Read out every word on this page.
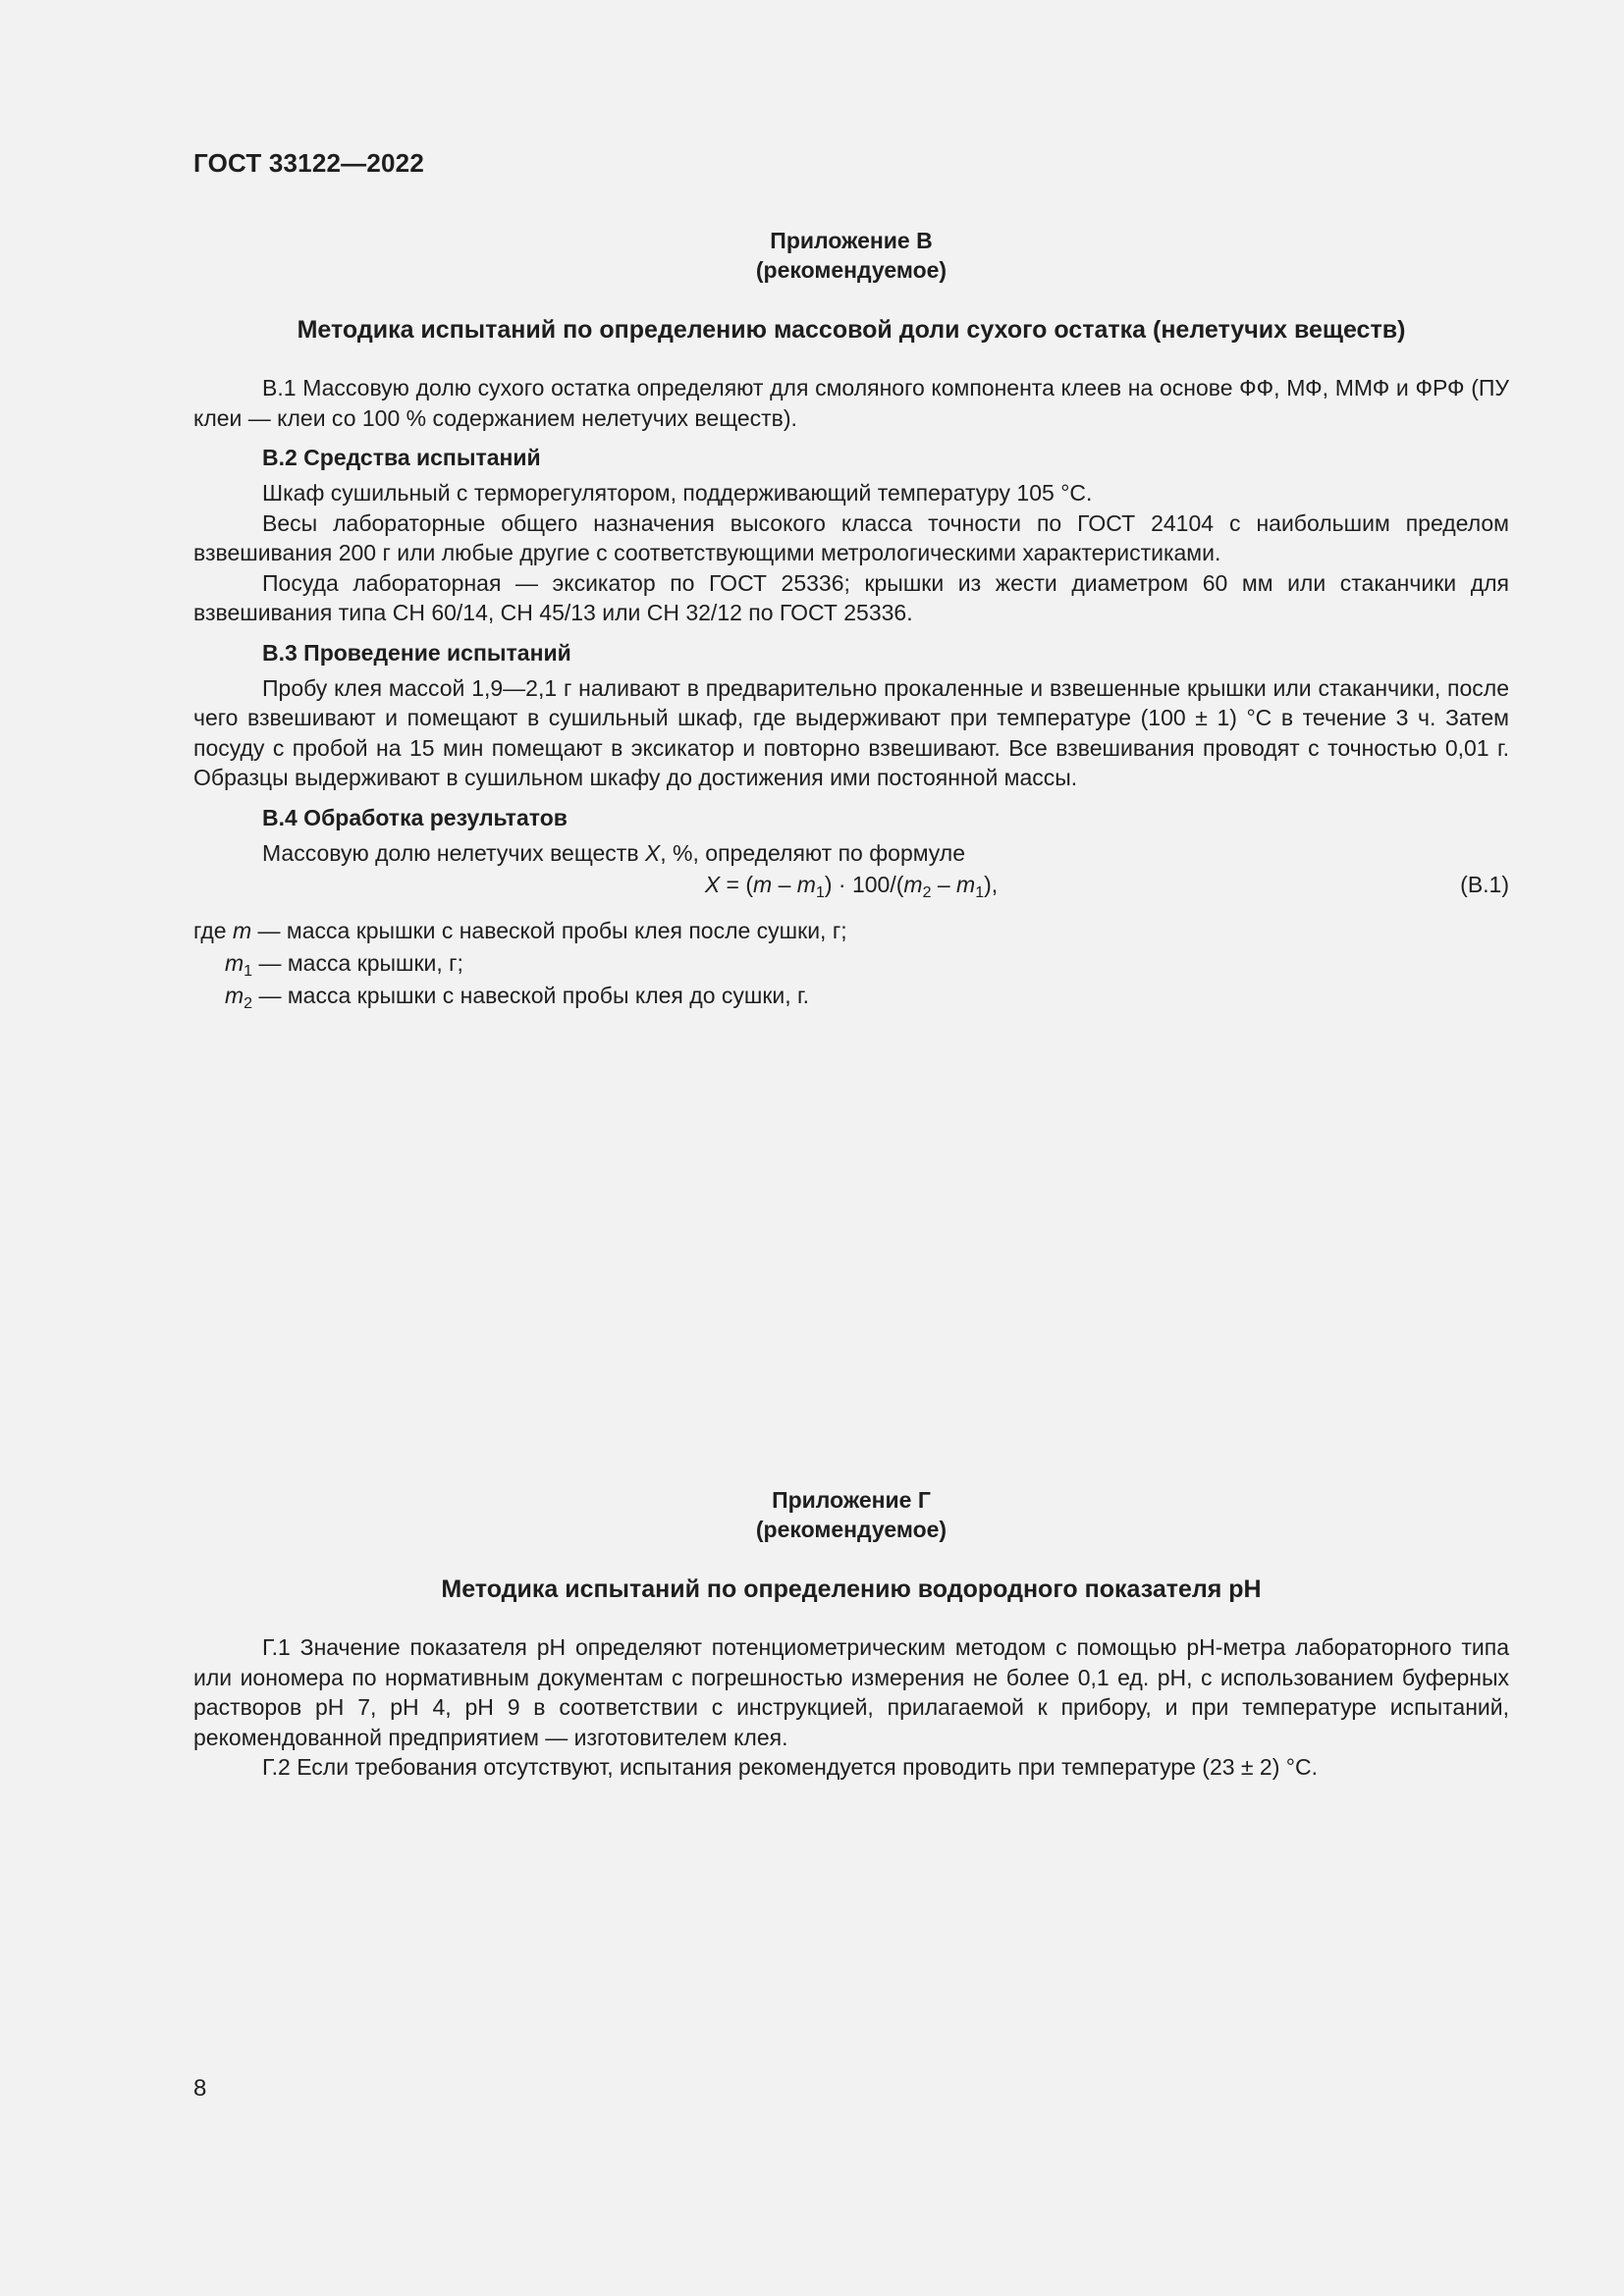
ГОСТ 33122—2022
Приложение В
(рекомендуемое)
Методика испытаний по определению массовой доли сухого остатка (нелетучих веществ)

В.1 Массовую долю сухого остатка определяют для смоляного компонента клеев на основе ФФ, МФ, ММФ и ФРФ (ПУ клеи — клеи со 100 % содержанием нелетучих веществ).

В.2 Средства испытаний

Шкаф сушильный с терморегулятором, поддерживающий температуру 105 °С.

Весы лабораторные общего назначения высокого класса точности по ГОСТ 24104 с наибольшим пределом взвешивания 200 г или любые другие с соответствующими метрологическими характеристиками.

Посуда лабораторная — эксикатор по ГОСТ 25336; крышки из жести диаметром 60 мм или стаканчики для взвешивания типа СН 60/14, СН 45/13 или СН 32/12 по ГОСТ 25336.

В.3 Проведение испытаний

Пробу клея массой 1,9—2,1 г наливают в предварительно прокаленные и взвешенные крышки или стаканчики, после чего взвешивают и помещают в сушильный шкаф, где выдерживают при температуре (100 ± 1) °С в течение 3 ч. Затем посуду с пробой на 15 мин помещают в эксикатор и повторно взвешивают. Все взвешивания проводят с точностью 0,01 г. Образцы выдерживают в сушильном шкафу до достижения ими постоянной массы.

В.4 Обработка результатов

Массовую долю нелетучих веществ X, %, определяют по формуле

$X = (m - m_1) \cdot 100/(m_2 - m_1)$,	(В.1)
где m — масса крышки с навеской пробы клея после сушки, г;
$m_1$ — масса крышки, г;
$m_2$ — масса крышки с навеской пробы клея до сушки, г.
Приложение Г
(рекомендуемое)
Методика испытаний по определению водородного показателя pH

Г.1 Значение показателя pH определяют потенциометрическим методом с помощью pH-метра лабораторного типа или иономера по нормативным документам с погрешностью измерения не более 0,1 ед. pH, с использованием буферных растворов pH 7, pH 4, pH 9 в соответствии с инструкцией, прилагаемой к прибору, и при температуре испытаний, рекомендованной предприятием — изготовителем клея.

Г.2 Если требования отсутствуют, испытания рекомендуется проводить при температуре (23 ± 2) °С.

8
